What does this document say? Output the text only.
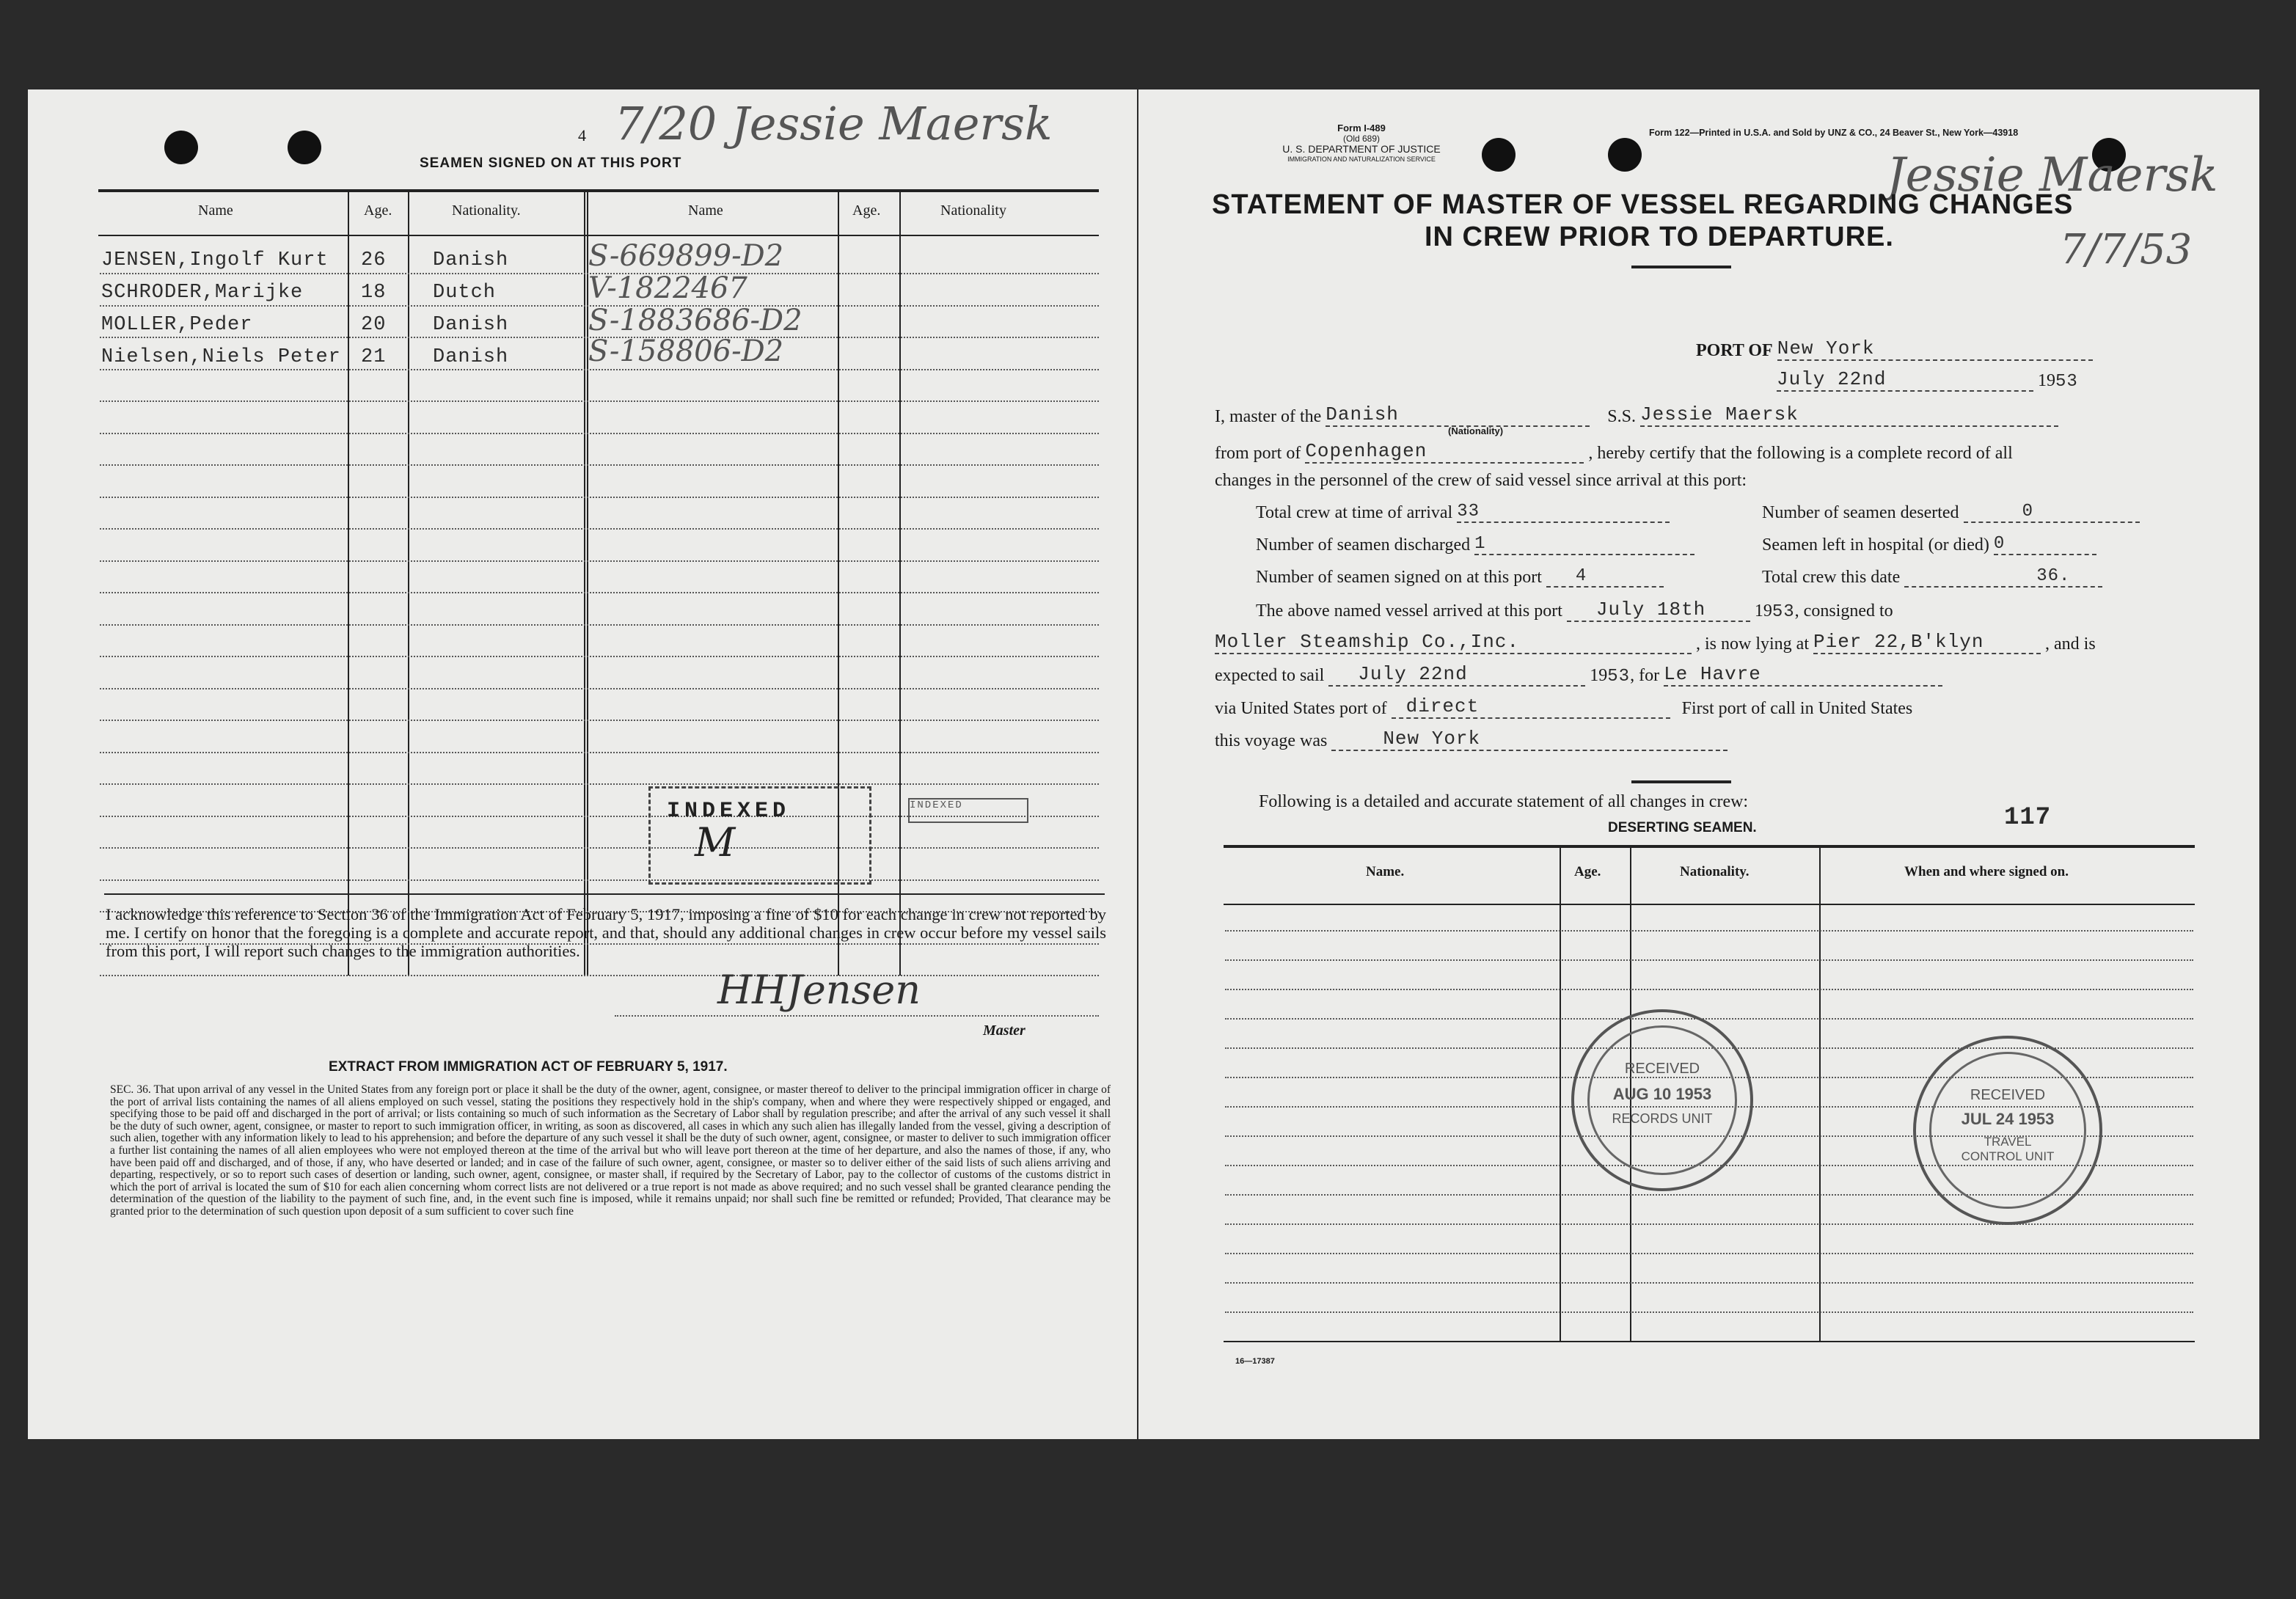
4 7/20 Jessie Maersk
SEAMEN SIGNED ON AT THIS PORT
Name	Age.	Nationality.	Name	Age.	Nationality
JENSEN,Ingolf Kurt 26 Danish	S-669899-D2
SCHRODER,Marijke	18 Dutch	V-1822467
MOLLER,Peder	20 Danish	S-1883686-D2
Nielsen,Niels Peter 21 Danish	S-158806-D2
INDEXED
M
INDEXED
I acknowledge this reference to Section 36 of the Immigration Act of February 5, 1917, imposing a fine of $10 for each change in crew not reported by me. I certify on honor that the foregoing is a complete and accurate report, and that, should any additional changes in crew occur before my vessel sails from this port, I will report such changes to the immigration authorities.
HHJensen
Master
EXTRACT FROM IMMIGRATION ACT OF FEBRUARY 5, 1917.
SEC. 36. That upon arrival of any vessel in the United States from any foreign port or place it shall be the duty of the owner, agent, consignee, or master thereof to deliver to the principal immigration officer in charge of the port of arrival lists containing the names of all aliens employed on such vessel, stating the positions they respectively hold in the ship's company, when and where they were respectively shipped or engaged, and specifying those to be paid off and discharged in the port of arrival; or lists containing so much of such information as the Secretary of Labor shall by regulation prescribe; and after the arrival of any such vessel it shall be the duty of such owner, agent, consignee, or master to report to such immigration officer, in writing, as soon as discovered, all cases in which any such alien has illegally landed from the vessel, giving a description of such alien, together with any information likely to lead to his apprehension; and before the departure of any such vessel it shall be the duty of such owner, agent, consignee, or master to deliver to such immigration officer a further list containing the names of all alien employees who were not employed thereon at the time of the arrival but who will leave port thereon at the time of her departure, and also the names of those, if any, who have been paid off and discharged, and of those, if any, who have deserted or landed; and in case of the failure of such owner, agent, consignee, or master so to deliver either of the said lists of such aliens arriving and departing, respectively, or so to report such cases of desertion or landing, such owner, agent, consignee, or master shall, if required by the Secretary of Labor, pay to the collector of customs of the customs district in which the port of arrival is located the sum of $10 for each alien concerning whom correct lists are not delivered or a true report is not made as above required; and no such vessel shall be granted clearance pending the determination of the question of the liability to the payment of such fine, and, in the event such fine is imposed, while it remains unpaid; nor shall such fine be remitted or refunded; Provided, That clearance may be granted prior to the determination of such question upon deposit of a sum sufficient to cover such fine
Form I-489
(Old 689)
U. S. DEPARTMENT OF JUSTICE
IMMIGRATION AND NATURALIZATION SERVICE
Form 122—Printed in U.S.A. and Sold by UNZ & CO., 24 Beaver St., New York—43918
Jessie Maersk
7/7/53
STATEMENT OF MASTER OF VESSEL REGARDING CHANGES
IN CREW PRIOR TO DEPARTURE.
PORT OF New York
July 22nd	1953
I, master of the Danish	S.S. Jessie Maersk
(Nationality)
from port of Copenhagen	, hereby certify that the following is a complete record of all
changes in the personnel of the crew of said vessel since arrival at this port:
Total crew at time of arrival 33	Number of seamen deserted	0
Number of seamen discharged 1	Seamen left in hospital (or died) 0
Number of seamen signed on at this port 4	Total crew this date	36.
The above named vessel arrived at this port July 18th	1953, consigned to
Moller Steamship Co.,Inc.	, is now lying at Pier 22,B'klyn	, and is
expected to sail July 22nd	1953, for Le Havre
via United States port of direct	First port of call in United States
this voyage was	New York
Following is a detailed and accurate statement of all changes in crew:
117
DESERTING SEAMEN.
Name.	Age.	Nationality.	When and where signed on.
RECEIVED
AUG 10 1953
RECORDS UNIT
RECEIVED
JUL 24 1953
TRAVEL CONTROL UNIT
16—17387
